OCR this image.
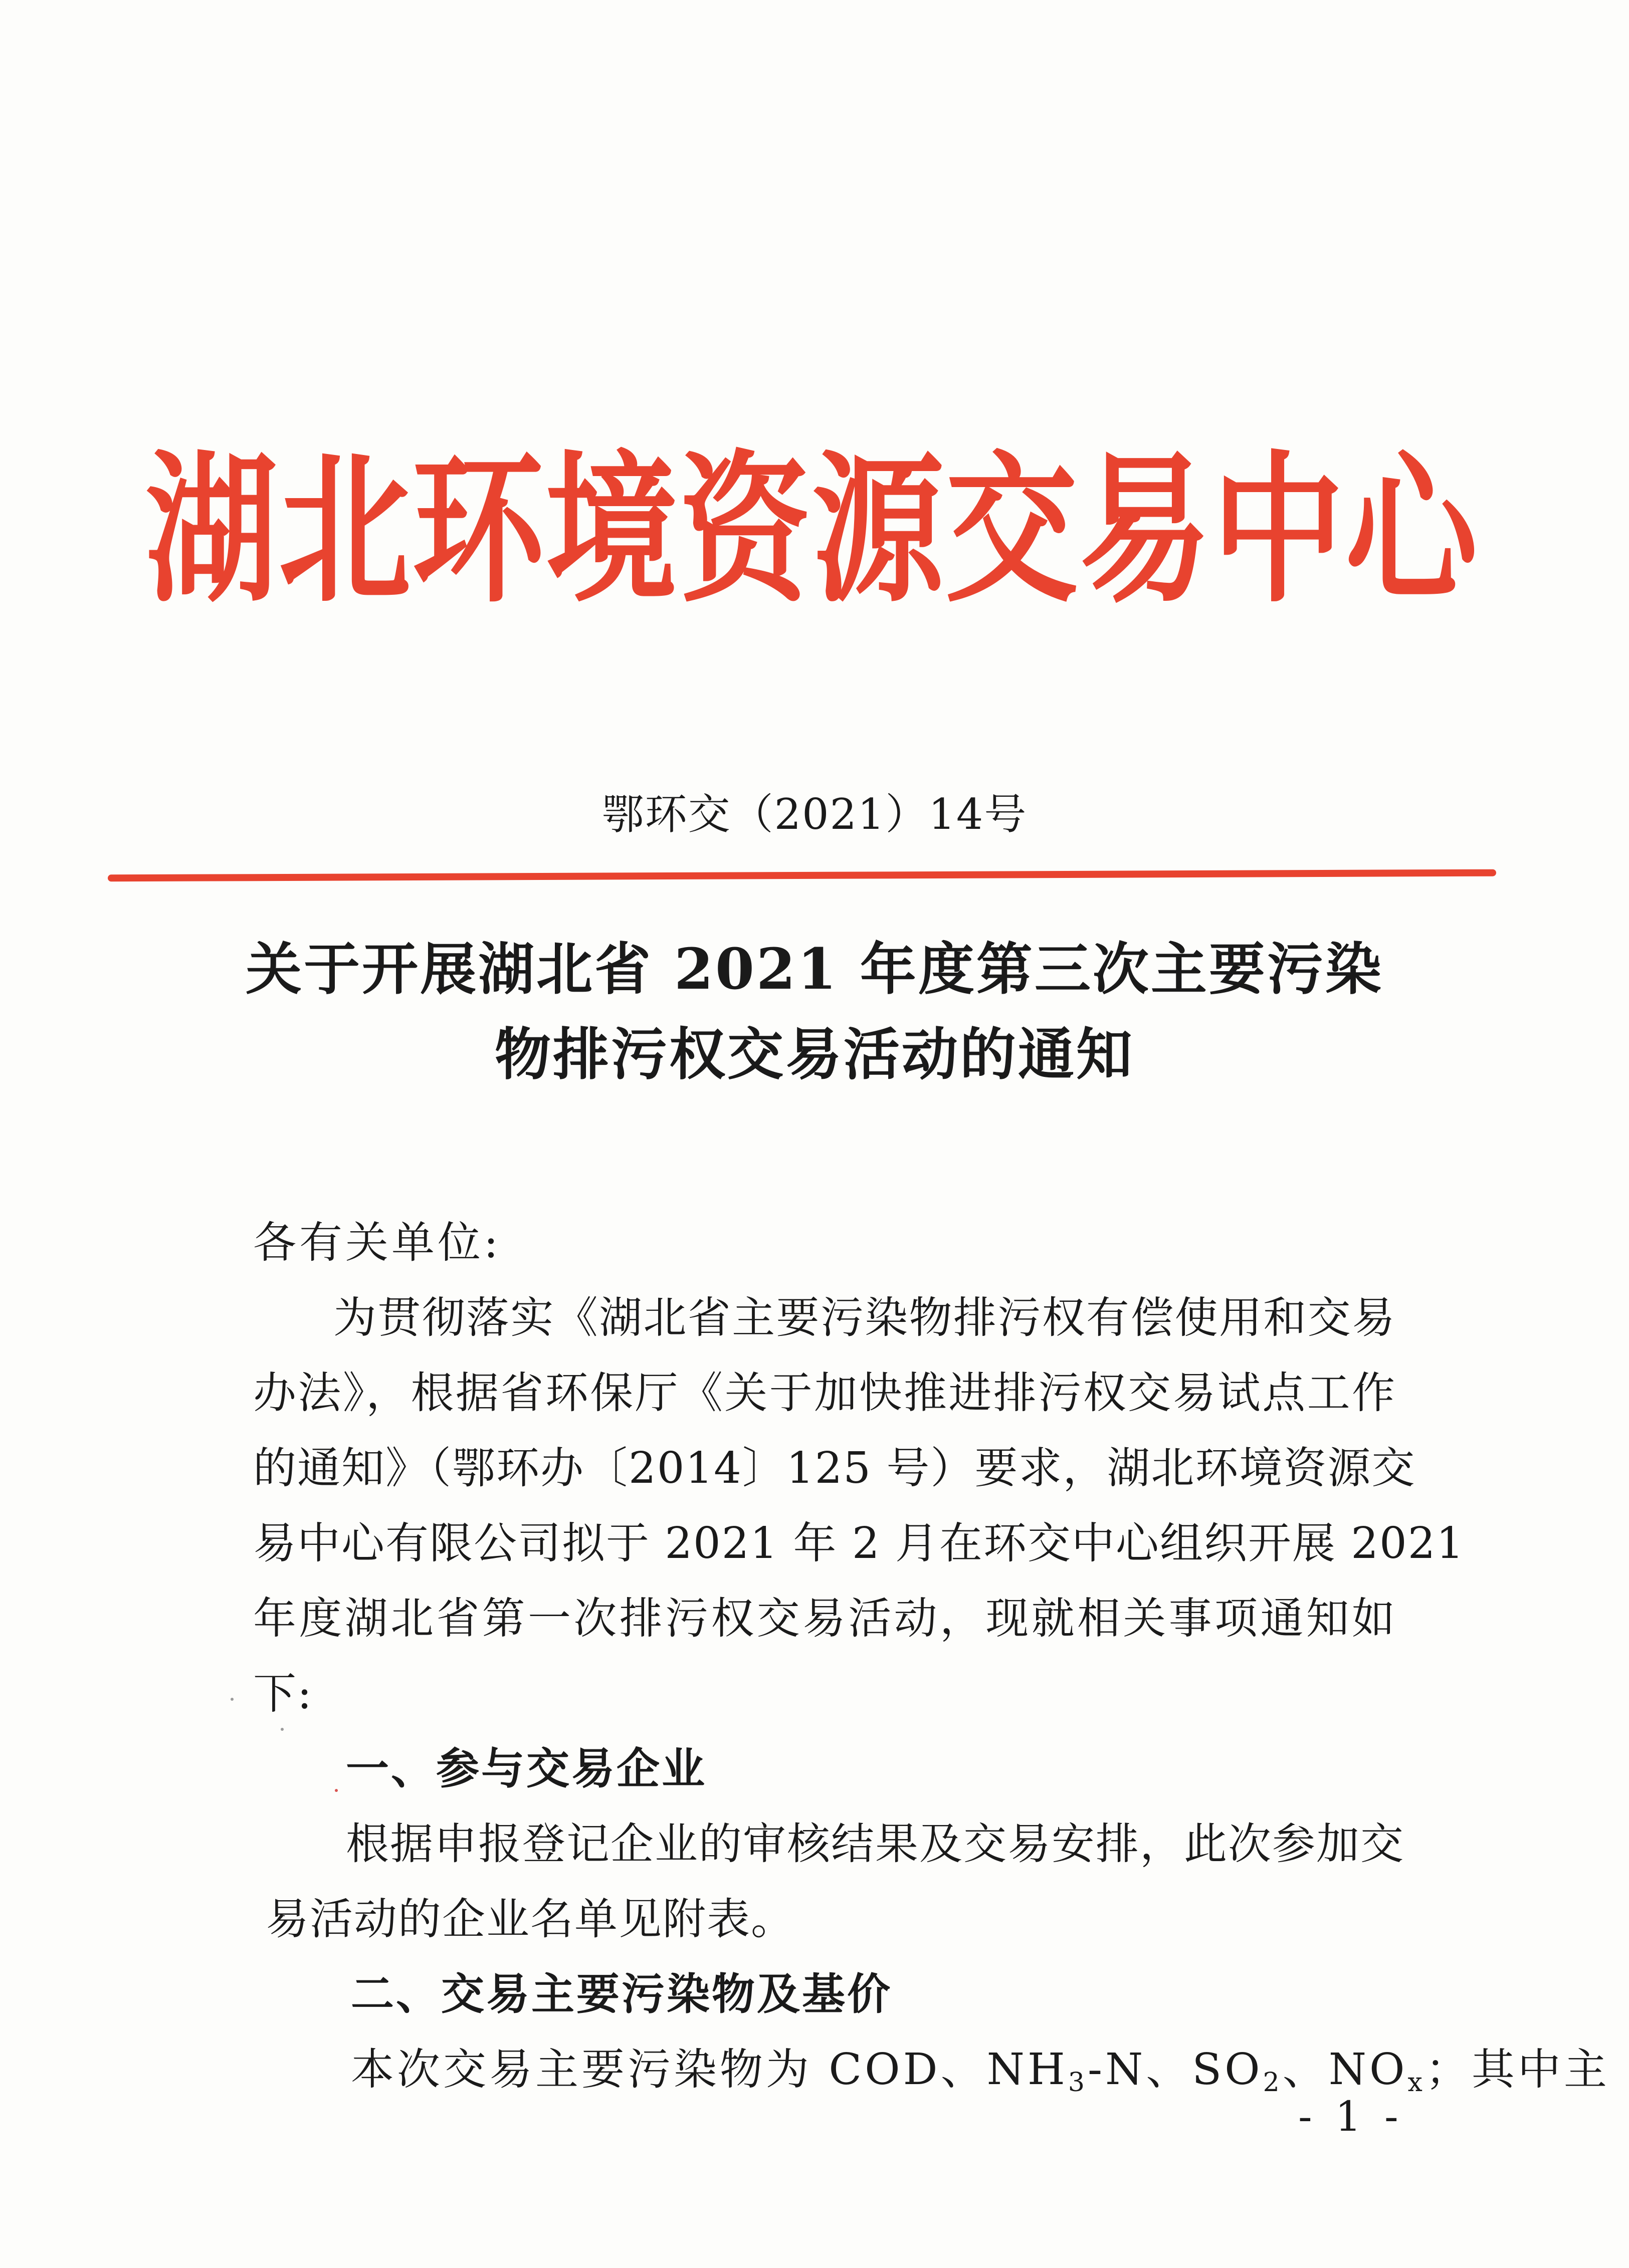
湖北环境资源交易中心
鄂环交（2021）14号
关于开展湖北省 2021 年度第三次主要污染
物排污权交易活动的通知
各有关单位:
为贯彻落实《湖北省主要污染物排污权有偿使用和交易
办法》，根据省环保厅《关于加快推进排污权交易试点工作
的通知》（鄂环办〔2014〕125 号）要求，湖北环境资源交
易中心有限公司拟于 2021 年 2 月在环交中心组织开展 2021
年度湖北省第一次排污权交易活动，现就相关事项通知如
下:
一、参与交易企业
根据申报登记企业的审核结果及交易安排，此次参加交
易活动的企业名单见附表。
二、交易主要污染物及基价
本次交易主要污染物为 COD、$NH_3-N$、$SO_2$、$NO_x$；其中主
- 1 -
